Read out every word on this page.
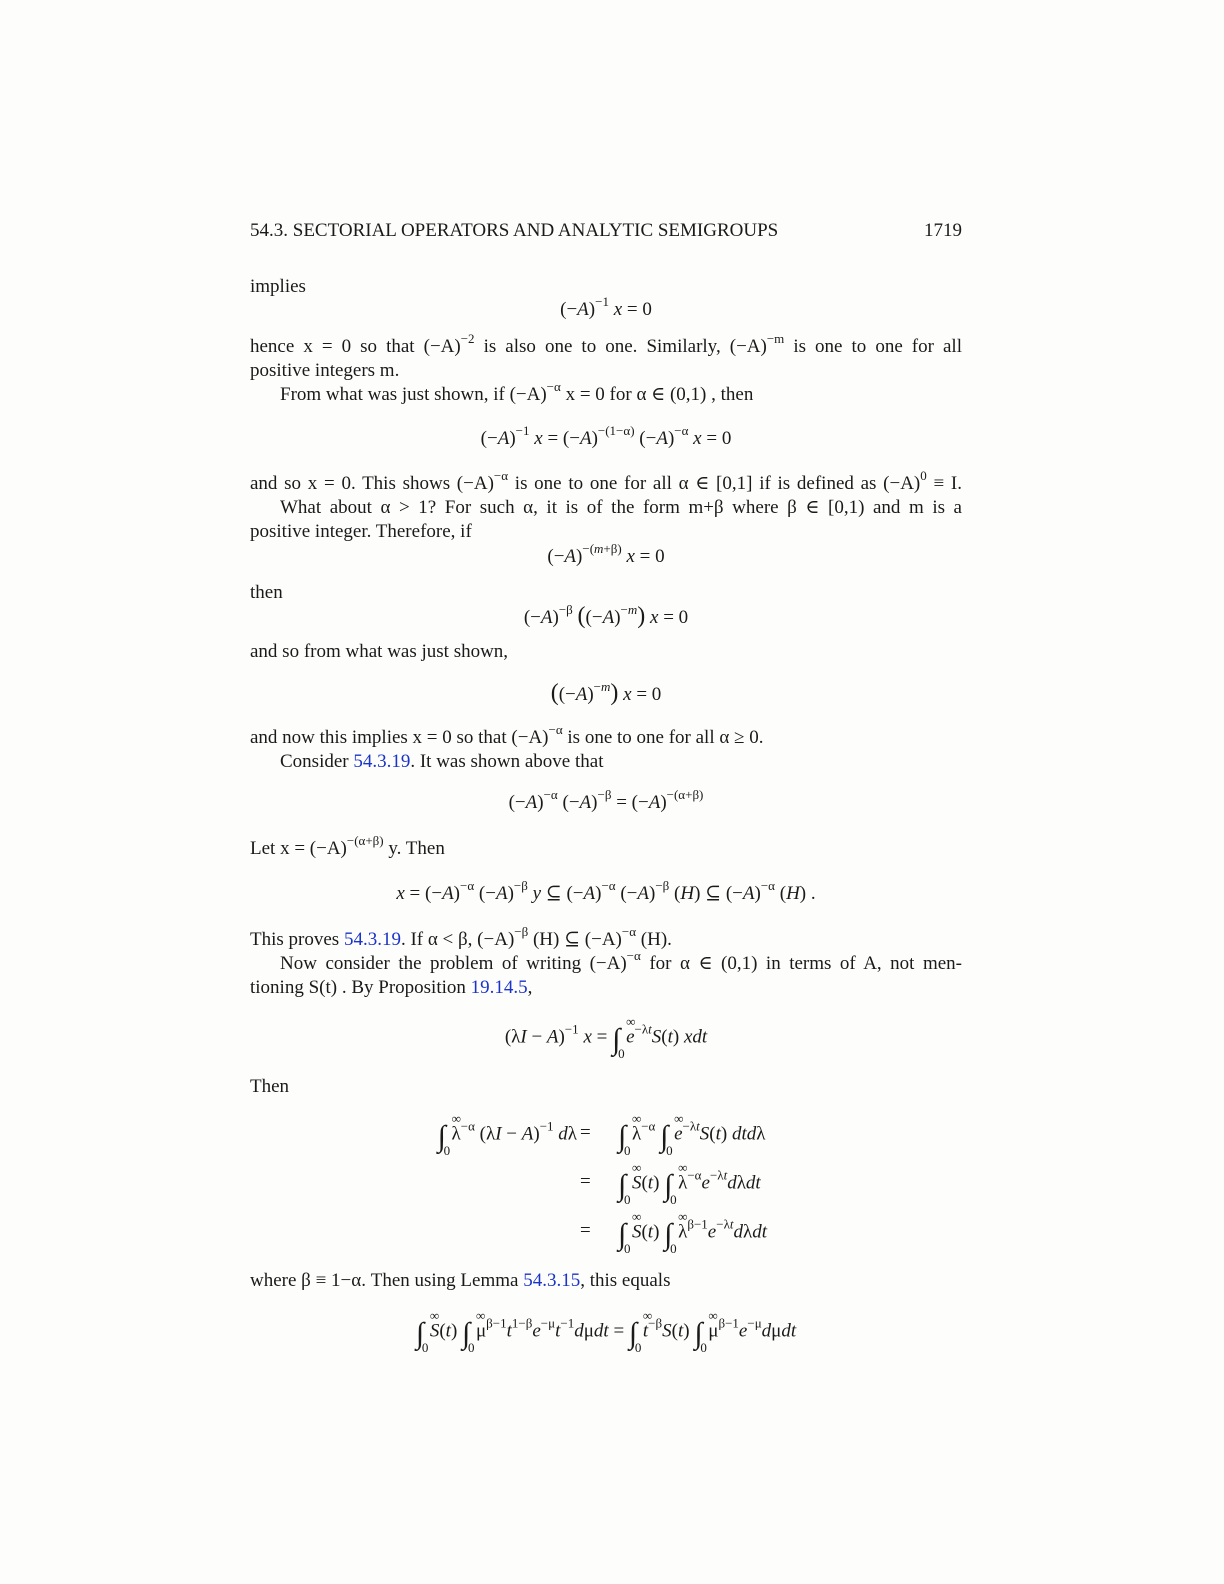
54.3. SECTORIAL OPERATORS AND ANALYTIC SEMIGROUPS	1719
implies
$(-A)^{-1}$ x = 0
hence x = 0 so that $(-A)^{-2}$ is also one to one. Similarly, $(-A)^{-m}$ is one to one for all
positive integers m.
From what was just shown, if $(-A)^{-\alpha}$ x = 0 for α ∈ (0,1) , then
$(-A)^{-1}$ $x = (-A)^{-(1-\alpha)}$ $(-A)^{-\alpha}$ x = 0
and so x = 0. This shows $(-A)^{-\alpha}$ is one to one for all α ∈ [0,1] if is defined as $(-A)^0 \equiv I$.
What about α > 1? For such α, it is of the form m+β where β ∈ [0,1) and m is a
positive integer. Therefore, if
$(-A)^{-(m+\beta)}$ x = 0
then
$(-A)^{-\beta}$ $((-A)^{-m}) x = 0$
and so from what was just shown,
$((-A)^{-m}) x = 0$
and now this implies x = 0 so that $(-A)^{-\alpha}$ is one to one for all α ≥ 0.
Consider 54.3.19. It was shown above that
$(-A)^{-\alpha}$ $(-A)^{-\beta} = (-A)^{-(\alpha+\beta)}$
Let $x = (-A)^{-(\alpha+\beta)}$ y. Then
$x = (-A)^{-\alpha}$ $(-A)^{-\beta}$ y ⊆ $(-A)^{-\alpha}$ $(-A)^{-\beta}$ (H) ⊆ $(-A)^{-\alpha}$ (H) .
This proves 54.3.19. If α < β, $(-A)^{-\beta}$ (H) ⊆ $(-A)^{-\alpha}$ (H).
Now consider the problem of writing $(-A)^{-\alpha}$ for α ∈ (0,1) in terms of A, not men-
tioning S(t) . By Proposition 19.14.5,
$(\lambda I - A)^{-1}$ x = ∫
∞
0
$e^{-\lambda t}S(t)$ xdt
Then
∫
∞
0
$\lambda^{-\alpha}$ $(\lambda I - A)^{-1}$ dλ = ∫
∞
0
$\lambda^{-\alpha}$ ∫
∞
0
$e^{-\lambda t}S(t)$ dtdλ
= ∫
∞
0
S(t) ∫
∞
0
$\lambda^{-\alpha}e^{-\lambda t}d\lambda dt$
= ∫
∞
0
S(t) ∫
∞
0
$\lambda^{\beta-1}e^{-\lambda t}d\lambda dt$
where β ≡ 1−α. Then using Lemma 54.3.15, this equals
∫
∞
0
S(t) ∫
∞
0
$\mu^{\beta-1}t^{1-\beta}e^{-\mu}t^{-1}d\mu dt$ = ∫
∞
0
$t^{-\beta}S(t)$ ∫
∞
0
$\mu^{\beta-1}e^{-\mu}d\mu dt$
